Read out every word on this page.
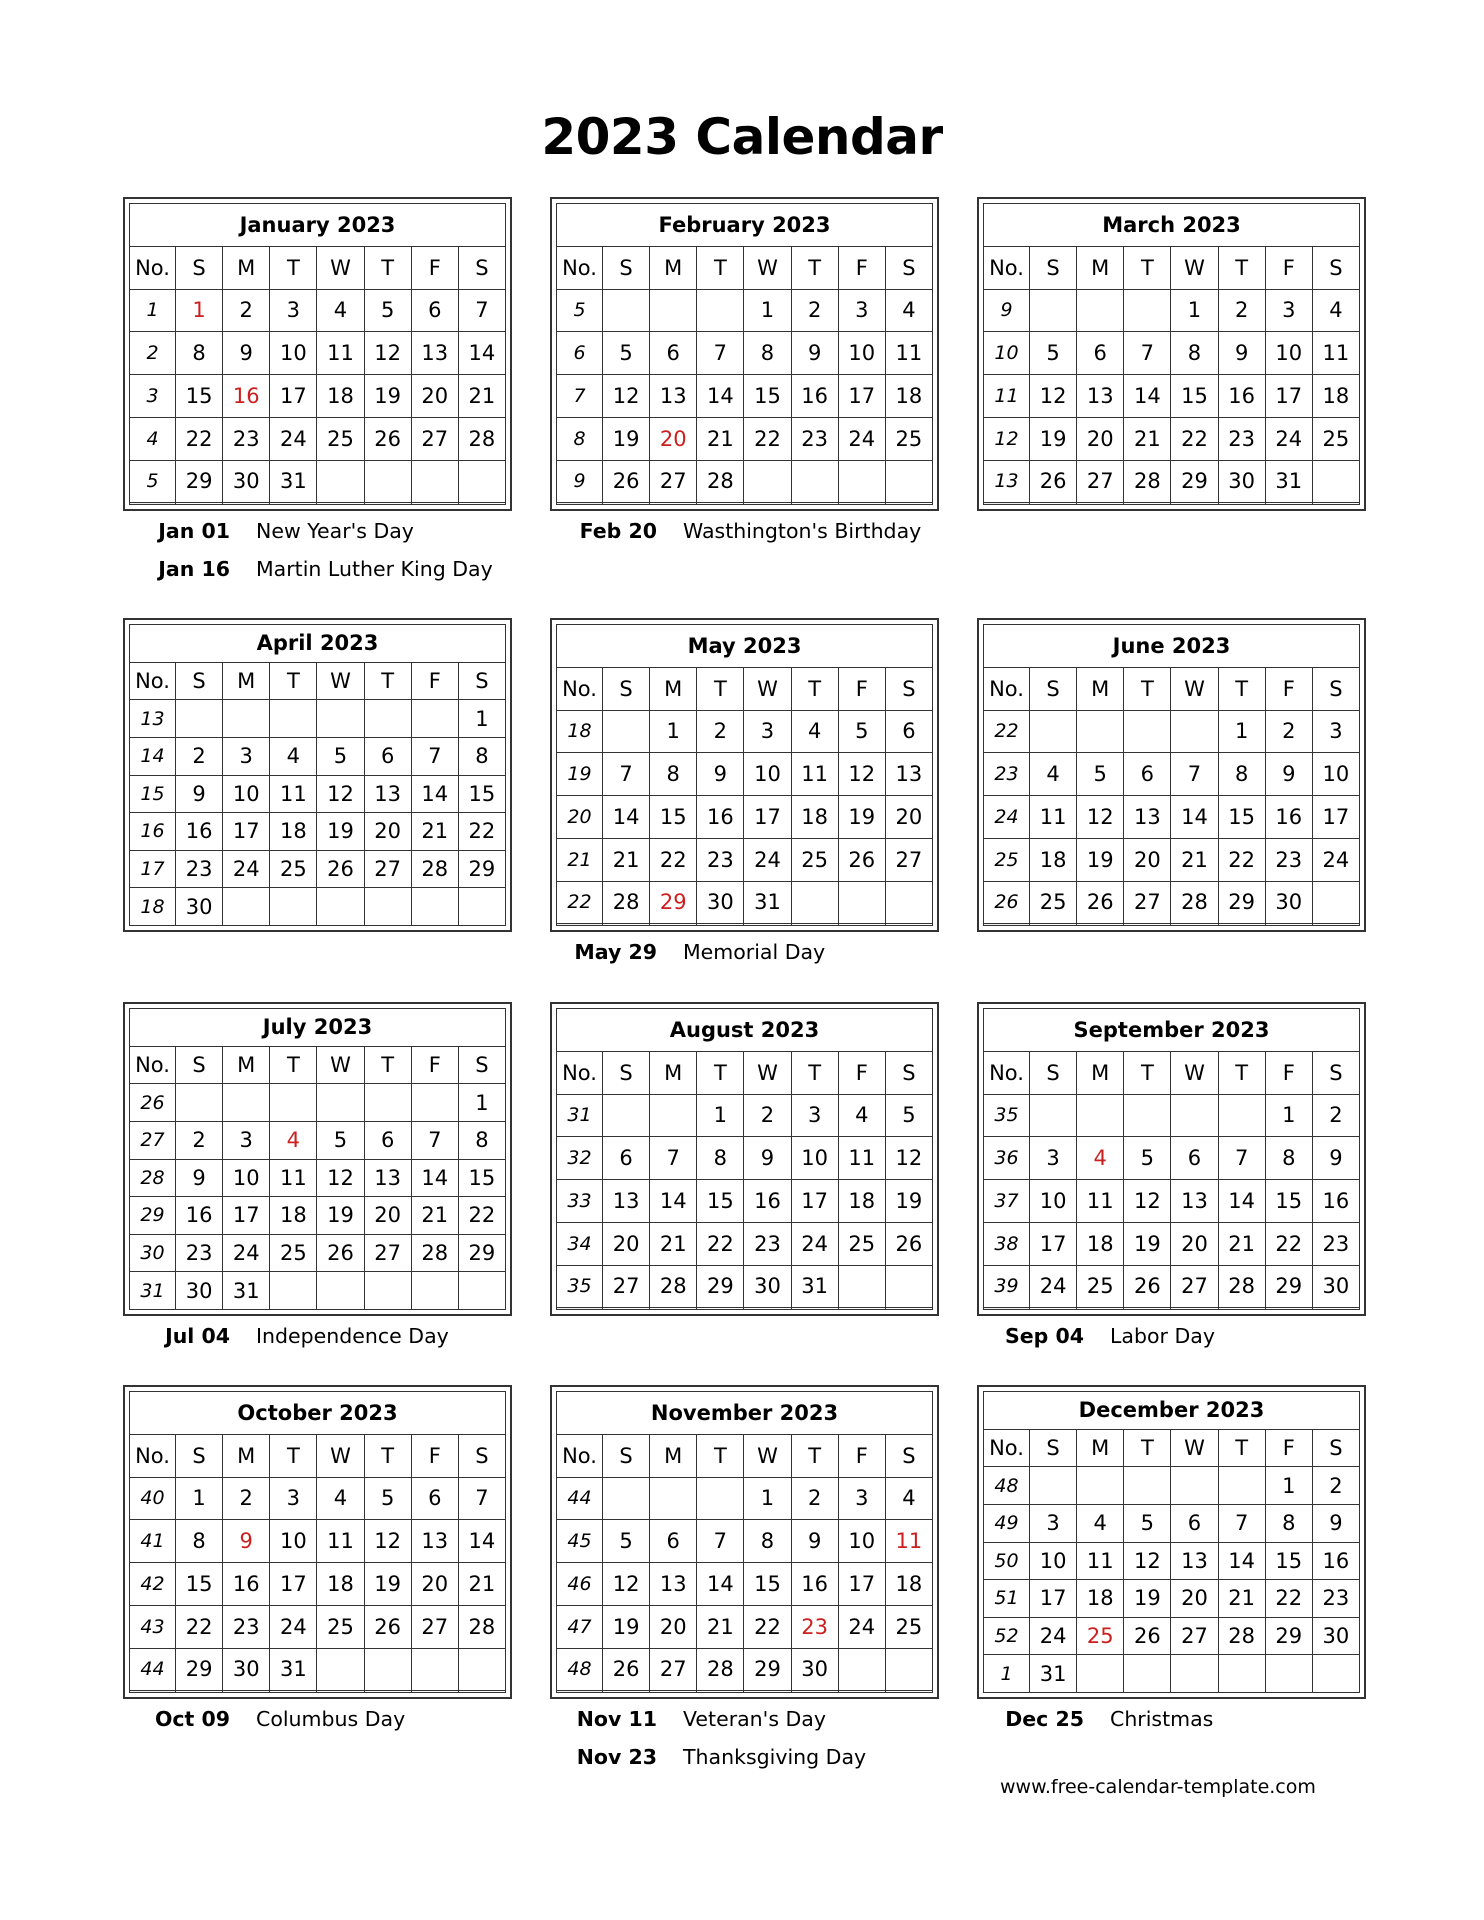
2023 Calendar
January 2023							
No.	S	M	T	W	T	F	S
1	1	2	3	4	5	6	7
2	8	9	10	11	12	13	14
3	15	16	17	18	19	20	21
4	22	23	24	25	26	27	28
5	29	30	31				

Jan 01 New Year's Day
Jan 16 Martin Luther King Day
February 2023							
No.	S	M	T	W	T	F	S
5				1	2	3	4
6	5	6	7	8	9	10	11
7	12	13	14	15	16	17	18
8	19	20	21	22	23	24	25
9	26	27	28				

Feb 20 Wasthington's Birthday
March 2023							
No.	S	M	T	W	T	F	S
9				1	2	3	4
10	5	6	7	8	9	10	11
11	12	13	14	15	16	17	18
12	19	20	21	22	23	24	25
13	26	27	28	29	30	31	

April 2023							
No.	S	M	T	W	T	F	S
13							1
14	2	3	4	5	6	7	8
15	9	10	11	12	13	14	15
16	16	17	18	19	20	21	22
17	23	24	25	26	27	28	29
18	30						
May 2023							
No.	S	M	T	W	T	F	S
18		1	2	3	4	5	6
19	7	8	9	10	11	12	13
20	14	15	16	17	18	19	20
21	21	22	23	24	25	26	27
22	28	29	30	31			

May 29 Memorial Day
June 2023							
No.	S	M	T	W	T	F	S
22					1	2	3
23	4	5	6	7	8	9	10
24	11	12	13	14	15	16	17
25	18	19	20	21	22	23	24
26	25	26	27	28	29	30	

July 2023							
No.	S	M	T	W	T	F	S
26							1
27	2	3	4	5	6	7	8
28	9	10	11	12	13	14	15
29	16	17	18	19	20	21	22
30	23	24	25	26	27	28	29
31	30	31					
Jul 04 Independence Day
August 2023							
No.	S	M	T	W	T	F	S
31			1	2	3	4	5
32	6	7	8	9	10	11	12
33	13	14	15	16	17	18	19
34	20	21	22	23	24	25	26
35	27	28	29	30	31		

September 2023							
No.	S	M	T	W	T	F	S
35						1	2
36	3	4	5	6	7	8	9
37	10	11	12	13	14	15	16
38	17	18	19	20	21	22	23
39	24	25	26	27	28	29	30

Sep 04 Labor Day
October 2023							
No.	S	M	T	W	T	F	S
40	1	2	3	4	5	6	7
41	8	9	10	11	12	13	14
42	15	16	17	18	19	20	21
43	22	23	24	25	26	27	28
44	29	30	31				

Oct 09 Columbus Day
November 2023							
No.	S	M	T	W	T	F	S
44				1	2	3	4
45	5	6	7	8	9	10	11
46	12	13	14	15	16	17	18
47	19	20	21	22	23	24	25
48	26	27	28	29	30		

Nov 11 Veteran's Day
Nov 23 Thanksgiving Day
December 2023							
No.	S	M	T	W	T	F	S
48						1	2
49	3	4	5	6	7	8	9
50	10	11	12	13	14	15	16
51	17	18	19	20	21	22	23
52	24	25	26	27	28	29	30
1	31						
Dec 25 Christmas
www.free-calendar-template.com
